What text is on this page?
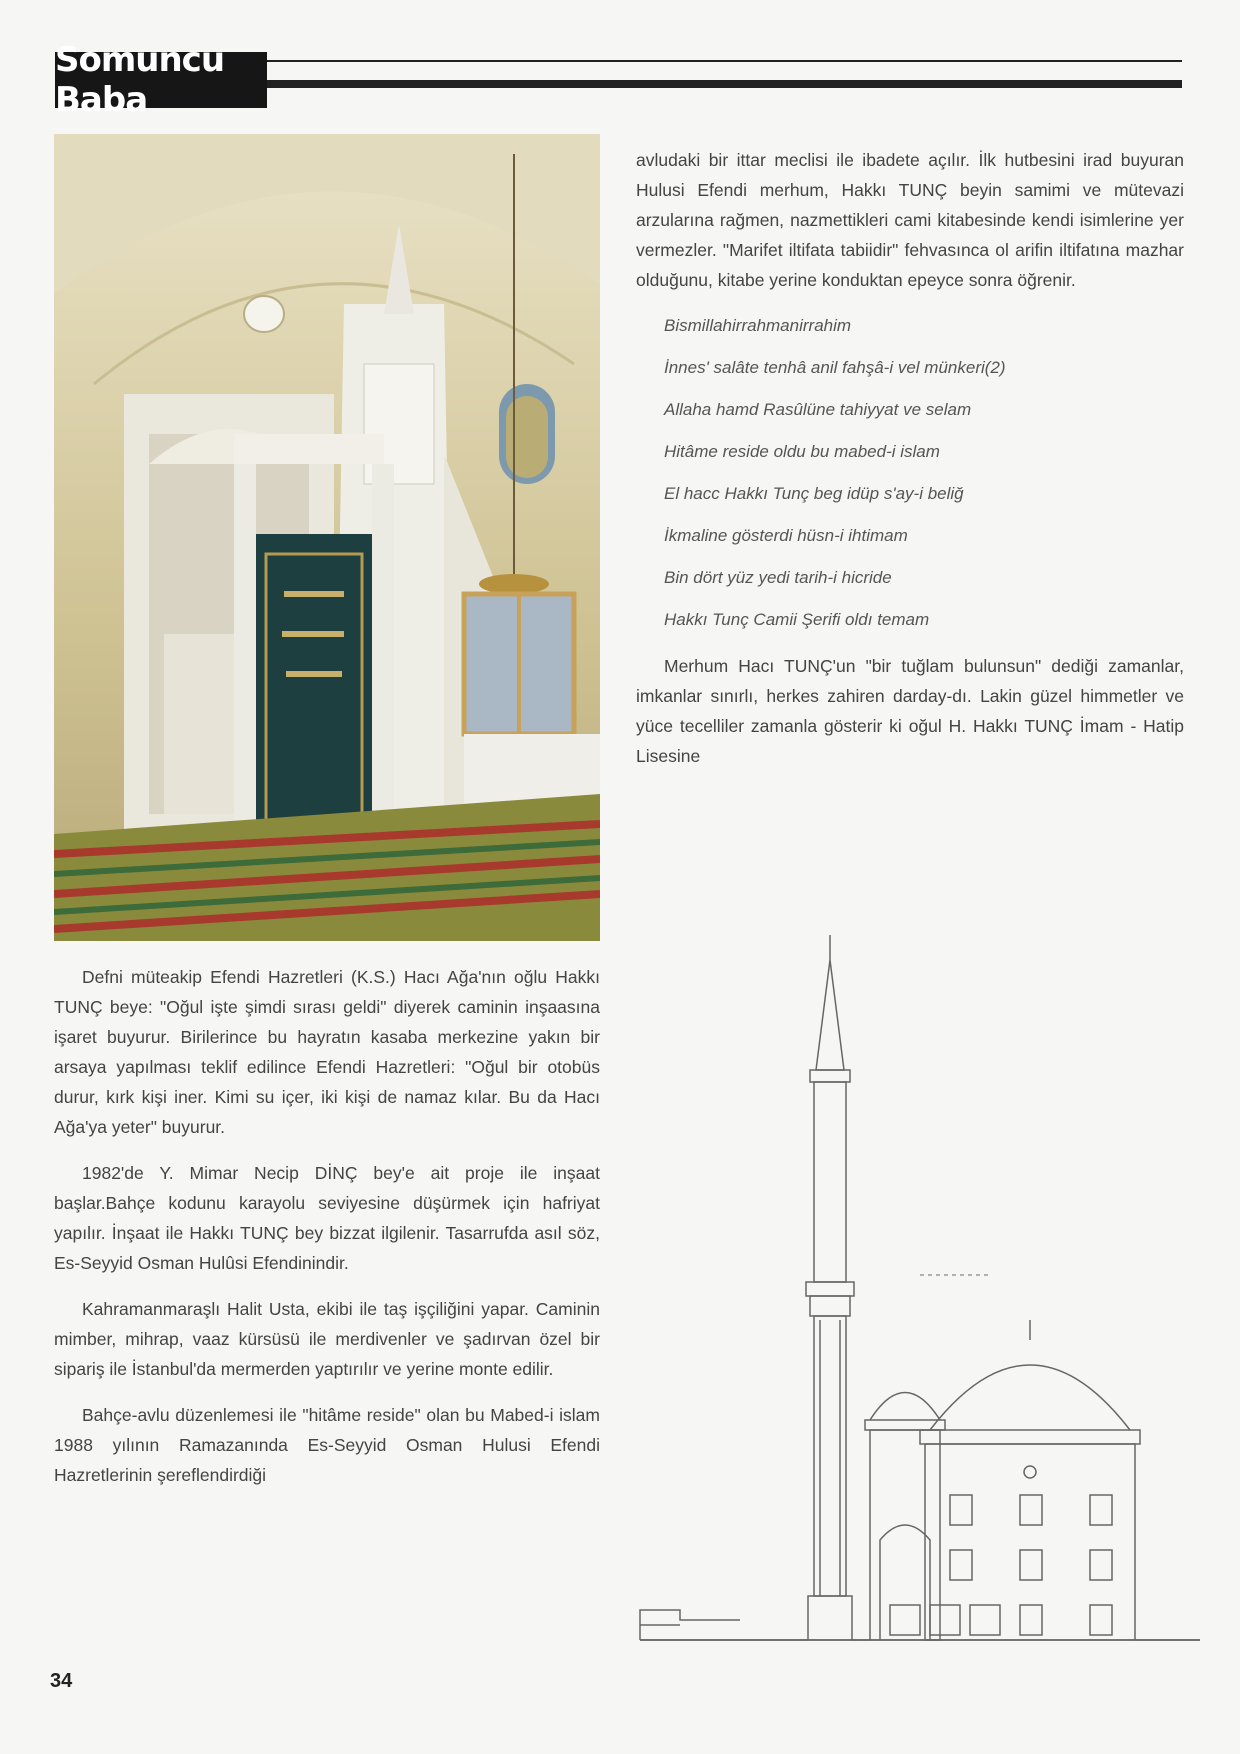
Somuncu Baba

Defni müteakip Efendi Hazretleri (K.S.) Hacı Ağa'nın oğlu Hakkı TUNÇ beye: "Oğul işte şimdi sırası geldi" diyerek caminin inşaasına işaret buyurur. Birilerince bu hayratın kasaba merkezine yakın bir arsaya yapılması teklif edilince Efendi Hazretleri: "Oğul bir otobüs durur, kırk kişi iner. Kimi su içer, iki kişi de namaz kılar. Bu da Hacı Ağa'ya yeter" buyurur.

1982'de Y. Mimar Necip DİNÇ bey'e ait proje ile inşaat başlar.Bahçe kodunu karayolu seviyesine düşürmek için hafriyat yapılır. İnşaat ile Hakkı TUNÇ bey bizzat ilgilenir. Tasarrufda asıl söz, Es-Seyyid Osman Hulûsi Efendinindir.

Kahramanmaraşlı Halit Usta, ekibi ile taş işçiliğini yapar. Caminin mimber, mihrap, vaaz kürsüsü ile merdivenler ve şadırvan özel bir sipariş ile İstanbul'da mermerden yaptırılır ve yerine monte edilir.

Bahçe-avlu düzenlemesi ile "hitâme reside" olan bu Mabed-i islam 1988 yılının Ramazanında Es-Seyyid Osman Hulusi Efendi Hazretlerinin şereflendirdiği

avludaki bir ittar meclisi ile ibadete açılır. İlk hutbesini irad buyuran Hulusi Efendi merhum, Hakkı TUNÇ beyin samimi ve mütevazi arzularına rağmen, nazmettikleri cami kitabesinde kendi isimlerine yer vermezler. "Marifet iltifata tabiidir" fehvasınca ol arifin iltifatına mazhar olduğunu, kitabe yerine konduktan epeyce sonra öğrenir.

Bismillahirrahmanirrahim
İnnes' salâte tenhâ anil fahşâ-i vel münkeri(2)
Allaha hamd Rasûlüne tahiyyat ve selam
Hitâme reside oldu bu mabed-i islam
El hacc Hakkı Tunç beg idüp s'ay-i beliğ
İkmaline gösterdi hüsn-i ihtimam
Bin dört yüz yedi tarih-i hicride
Hakkı Tunç Camii Şerifi oldı temam

Merhum Hacı TUNÇ'un "bir tuğlam bulunsun" dediği zamanlar, imkanlar sınırlı, herkes zahiren darday-dı. Lakin güzel himmetler ve yüce tecelliler zamanla gösterir ki oğul H. Hakkı TUNÇ İmam - Hatip Lisesine

34
